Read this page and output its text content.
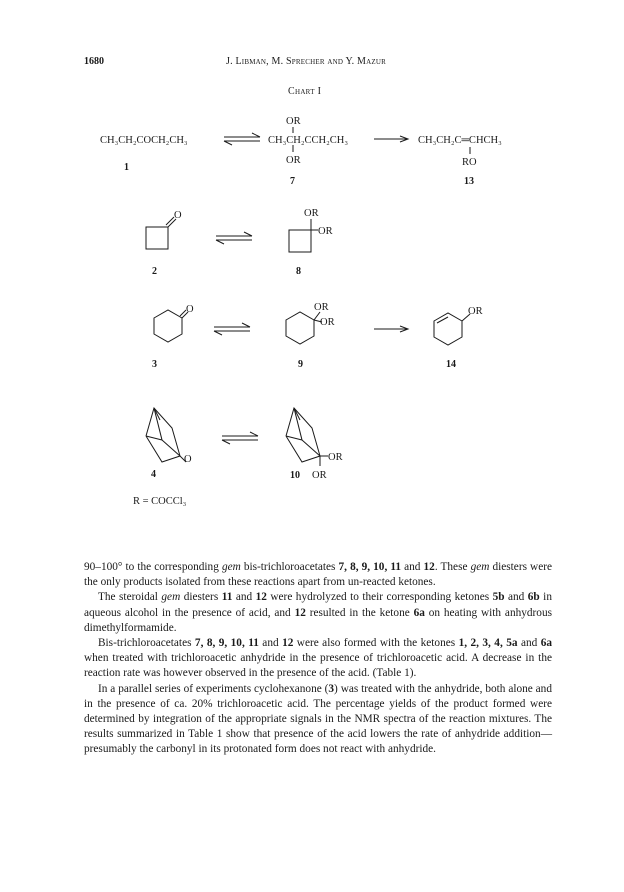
1680	J. Libman, M. Sprecher and Y. Mazur
Chart I
CH₃CH₂COCH₂CH₃
1
OR
CH₃CH₂CCH₂CH₃
OR
7
CH₃CH₂C═CHCH₃
RO
13
O
2
OR
OR
8
O
3
OR
OR
9
OR
14
O
4
OR
OR
10
R = COCCl₃

90–100° to the corresponding gem bis-trichloroacetates 7, 8, 9, 10, 11 and 12. These gem diesters were the only products isolated from these reactions apart from un-reacted ketones.

The steroidal gem diesters 11 and 12 were hydrolyzed to their corresponding ketones 5b and 6b in aqueous alcohol in the presence of acid, and 12 resulted in the ketone 6a on heating with anhydrous dimethylformamide.

Bis-trichloroacetates 7, 8, 9, 10, 11 and 12 were also formed with the ketones 1, 2, 3, 4, 5a and 6a when treated with trichloroacetic anhydride in the presence of trichloroacetic acid. A decrease in the reaction rate was however observed in the presence of the acid. (Table 1).

In a parallel series of experiments cyclohexanone (3) was treated with the anhydride, both alone and in the presence of ca. 20% trichloroacetic acid. The percentage yields of the product formed were determined by integration of the appropriate signals in the NMR spectra of the reaction mixtures. The results summarized in Table 1 show that presence of the acid lowers the rate of anhydride addition—presumably the carbonyl in its protonated form does not react with anhydride.
